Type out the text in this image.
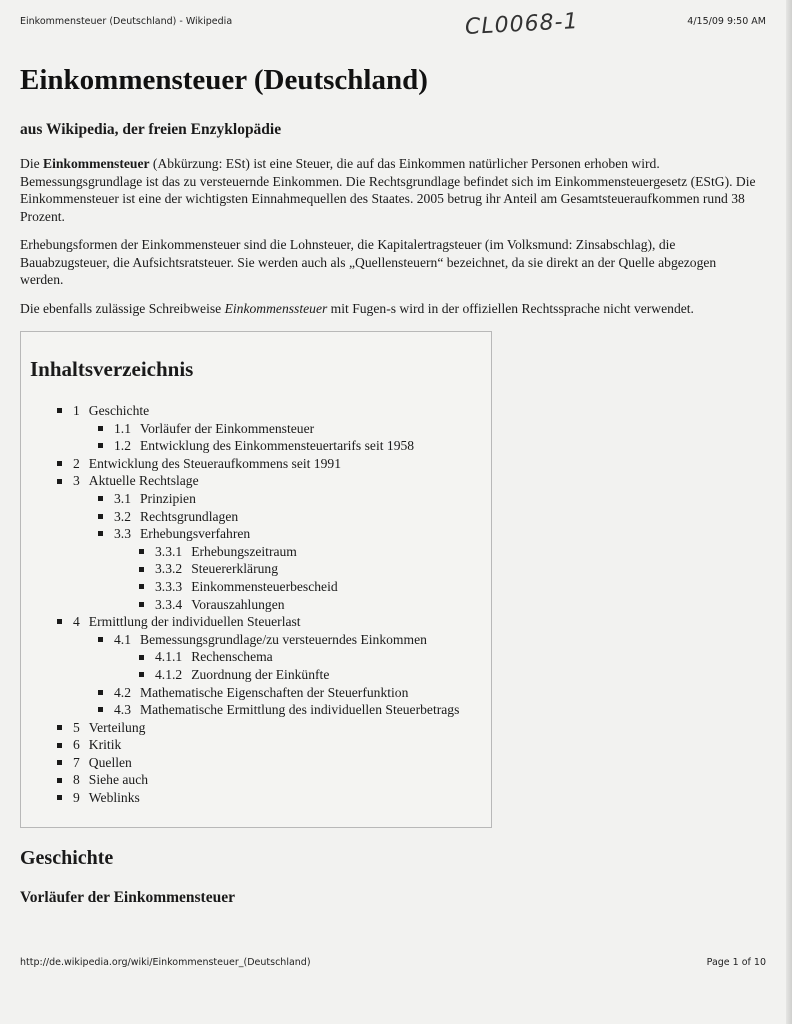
Einkommensteuer (Deutschland) - Wikipedia	CL0068-1	4/15/09 9:50 AM
Einkommensteuer (Deutschland)
aus Wikipedia, der freien Enzyklopädie

Die Einkommensteuer (Abkürzung: ESt) ist eine Steuer, die auf das Einkommen natürlicher Personen erhoben wird. Bemessungsgrundlage ist das zu versteuernde Einkommen. Die Rechtsgrundlage befindet sich im Einkommensteuergesetz (EStG). Die Einkommensteuer ist eine der wichtigsten Einnahmequellen des Staates. 2005 betrug ihr Anteil am Gesamtsteueraufkommen rund 38 Prozent.

Erhebungsformen der Einkommensteuer sind die Lohnsteuer, die Kapitalertragsteuer (im Volksmund: Zinsabschlag), die Bauabzugsteuer, die Aufsichtsratsteuer. Sie werden auch als „Quellensteuern“ bezeichnet, da sie direkt an der Quelle abgezogen werden.

Die ebenfalls zulässige Schreibweise Einkommenssteuer mit Fugen-s wird in der offiziellen Rechtssprache nicht verwendet.

Inhaltsverzeichnis
1 Geschichte
1.1 Vorläufer der Einkommensteuer
1.2 Entwicklung des Einkommensteuertarifs seit 1958
2 Entwicklung des Steueraufkommens seit 1991
3 Aktuelle Rechtslage
3.1 Prinzipien
3.2 Rechtsgrundlagen
3.3 Erhebungsverfahren
3.3.1 Erhebungszeitraum
3.3.2 Steuererklärung
3.3.3 Einkommensteuerbescheid
3.3.4 Vorauszahlungen
4 Ermittlung der individuellen Steuerlast
4.1 Bemessungsgrundlage/zu versteuerndes Einkommen
4.1.1 Rechenschema
4.1.2 Zuordnung der Einkünfte
4.2 Mathematische Eigenschaften der Steuerfunktion
4.3 Mathematische Ermittlung des individuellen Steuerbetrags
5 Verteilung
6 Kritik
7 Quellen
8 Siehe auch
9 Weblinks
Geschichte
Vorläufer der Einkommensteuer
http://de.wikipedia.org/wiki/Einkommensteuer_(Deutschland)	Page 1 of 10
